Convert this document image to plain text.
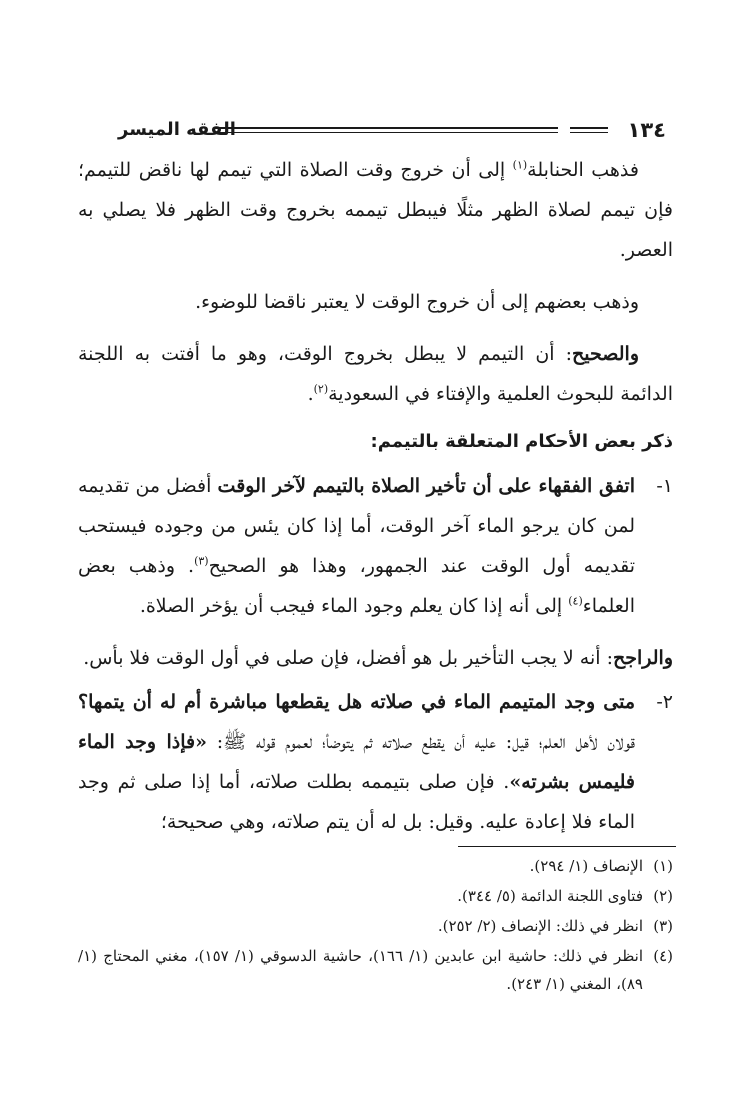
١٣٤
الفقه الميسر

فذهب الحنابلة$^{(١)}$ إلى أن خروج وقت الصلاة التي تيمم لها ناقض للتيمم؛ فإن تيمم لصلاة الظهر مثلًا فيبطل تيممه بخروج وقت الظهر فلا يصلي به العصر.

وذهب بعضهم إلى أن خروج الوقت لا يعتبر ناقضا للوضوء.

والصحيح: أن التيمم لا يبطل بخروج الوقت، وهو ما أفتت به اللجنة الدائمة للبحوث العلمية والإفتاء في السعودية$^{(٢)}$.

ذكر بعض الأحكام المتعلقة بالتيمم:
١-
اتفق الفقهاء على أن تأخير الصلاة بالتيمم لآخر الوقت أفضل من تقديمه لمن كان يرجو الماء آخر الوقت، أما إذا كان يئس من وجوده فيستحب تقديمه أول الوقت عند الجمهور، وهذا هو الصحيح$^{(٣)}$. وذهب بعض العلماء$^{(٤)}$ إلى أنه إذا كان يعلم وجود الماء فيجب أن يؤخر الصلاة.

والراجح: أنه لا يجب التأخير بل هو أفضل، فإن صلى في أول الوقت فلا بأس.

٢-
متى وجد المتيمم الماء في صلاته هل يقطعها مباشرة أم له أن يتمها؟ قولان لأهل العلم؛ قيل: عليه أن يقطع صلاته ثم يتوضأ؛ لعموم قوله ﷺ: «فإذا وجد الماء فليمس بشرته». فإن صلى بتيممه بطلت صلاته، أما إذا صلى ثم وجد الماء فلا إعادة عليه. وقيل: بل له أن يتم صلاته، وهي صحيحة؛
(١)
الإنصاف (١/ ٢٩٤).
(٢)
فتاوى اللجنة الدائمة (٥/ ٣٤٤).
(٣)
انظر في ذلك: الإنصاف (٢/ ٢٥٢).
(٤)
انظر في ذلك: حاشية ابن عابدين (١/ ١٦٦)، حاشية الدسوقي (١/ ١٥٧)، مغني المحتاج (١/ ٨٩)، المغني (١/ ٢٤٣).
